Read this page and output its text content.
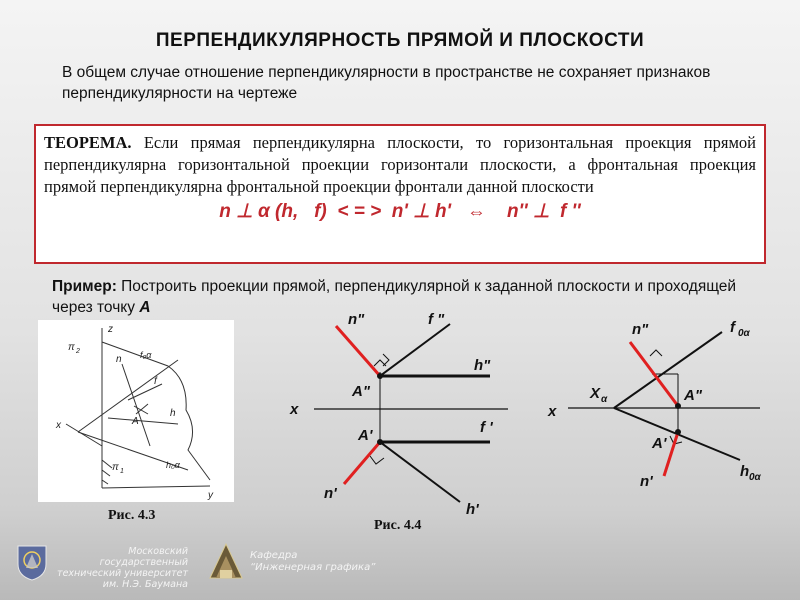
ПЕРПЕНДИКУЛЯРНОСТЬ ПРЯМОЙ И ПЛОСКОСТИ
В общем случае отношение перпендикулярности в пространстве не сохраняет признаков перпендикулярности на чертеже
ТЕОРЕМА. Если прямая перпендикулярна плоскости, то горизонтальная проекция прямой перпендикулярна горизонтальной проекции горизонтали плоскости, а фронтальная проекция прямой перпендикулярна фронтальной проекции фронтали данной плоскости
n ⊥ α (h,   f)  < = >  n' ⊥ h'   ⇔    n'' ⊥  f ''
Пример: Построить проекции прямой, перпендикулярной к заданной плоскости и проходящей через точку A
z
π 2
n f₀α
f
h
A
x
π 1
h₀α
y
Рис. 4.3
n"	f "
h"
A"
x
A'	f '
n'
h'
Рис. 4.4
n"	f 0α
X α	A"
x
A'
n'
h 0α
Московский государственный технический университет им. Н.Э. Баумана
Кафедра
“Инженерная графика”
